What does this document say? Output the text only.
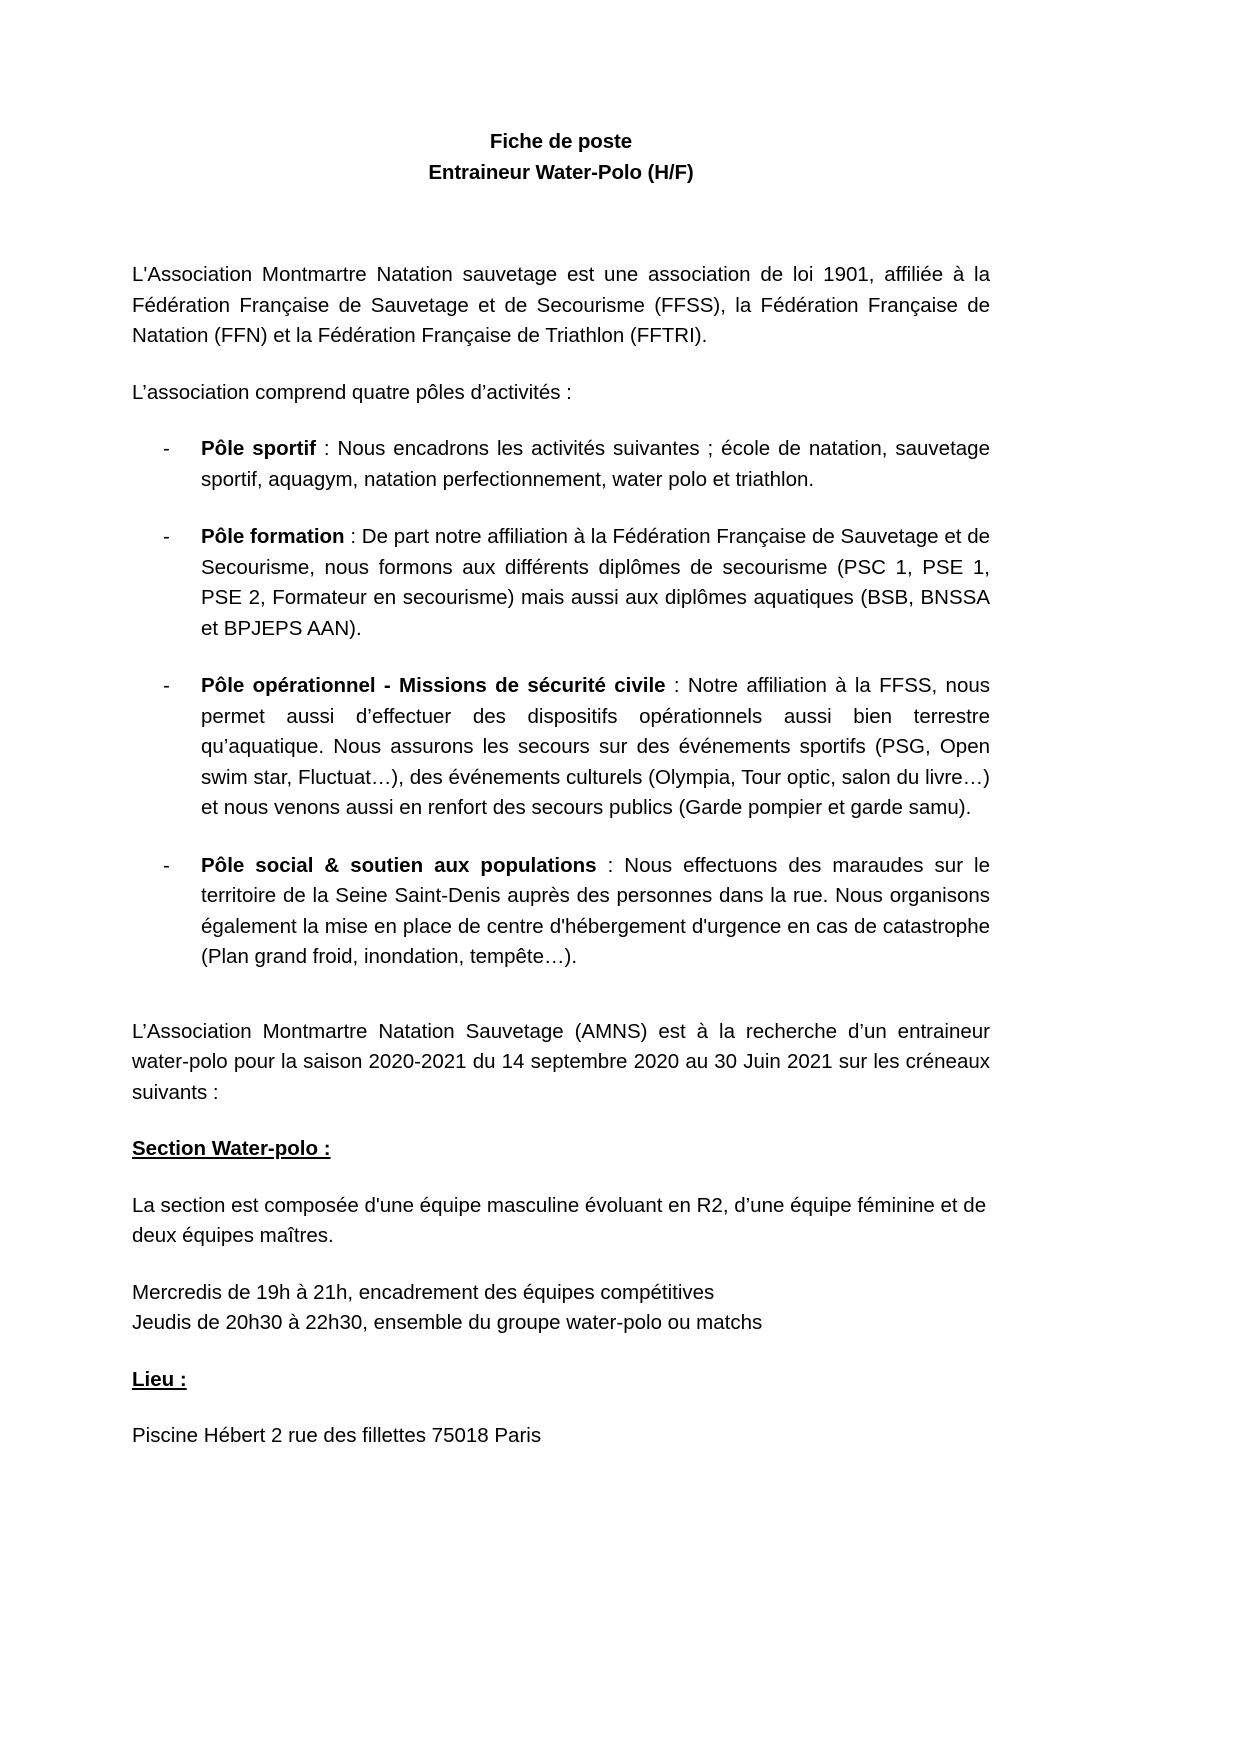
Fiche de poste
Entraineur Water-Polo (H/F)

L'Association Montmartre Natation sauvetage est une association de loi 1901, affiliée à la Fédération Française de Sauvetage et de Secourisme (FFSS), la Fédération Française de Natation (FFN) et la Fédération Française de Triathlon (FFTRI).

L’association comprend quatre pôles d’activités :

- Pôle sportif : Nous encadrons les activités suivantes ; école de natation, sauvetage sportif, aquagym, natation perfectionnement, water polo et triathlon.
- Pôle formation : De part notre affiliation à la Fédération Française de Sauvetage et de Secourisme, nous formons aux différents diplômes de secourisme (PSC 1, PSE 1, PSE 2, Formateur en secourisme) mais aussi aux diplômes aquatiques (BSB, BNSSA et BPJEPS AAN).
- Pôle opérationnel - Missions de sécurité civile : Notre affiliation à la FFSS, nous permet aussi d’effectuer des dispositifs opérationnels aussi bien terrestre qu’aquatique. Nous assurons les secours sur des événements sportifs (PSG, Open swim star, Fluctuat…), des événements culturels (Olympia, Tour optic, salon du livre…) et nous venons aussi en renfort des secours publics (Garde pompier et garde samu).
- Pôle social & soutien aux populations : Nous effectuons des maraudes sur le territoire de la Seine Saint-Denis auprès des personnes dans la rue. Nous organisons également la mise en place de centre d'hébergement d'urgence en cas de catastrophe (Plan grand froid, inondation, tempête…).

L’Association Montmartre Natation Sauvetage (AMNS) est à la recherche d’un entraineur water-polo pour la saison 2020-2021 du 14 septembre 2020 au 30 Juin 2021 sur les créneaux suivants :

Section Water-polo :

La section est composée d'une équipe masculine évoluant en R2, d’une équipe féminine et de deux équipes maîtres.

Mercredis de 19h à 21h, encadrement des équipes compétitives

Jeudis de 20h30 à 22h30, ensemble du groupe water-polo ou matchs

Lieu :

Piscine Hébert 2 rue des fillettes 75018 Paris
